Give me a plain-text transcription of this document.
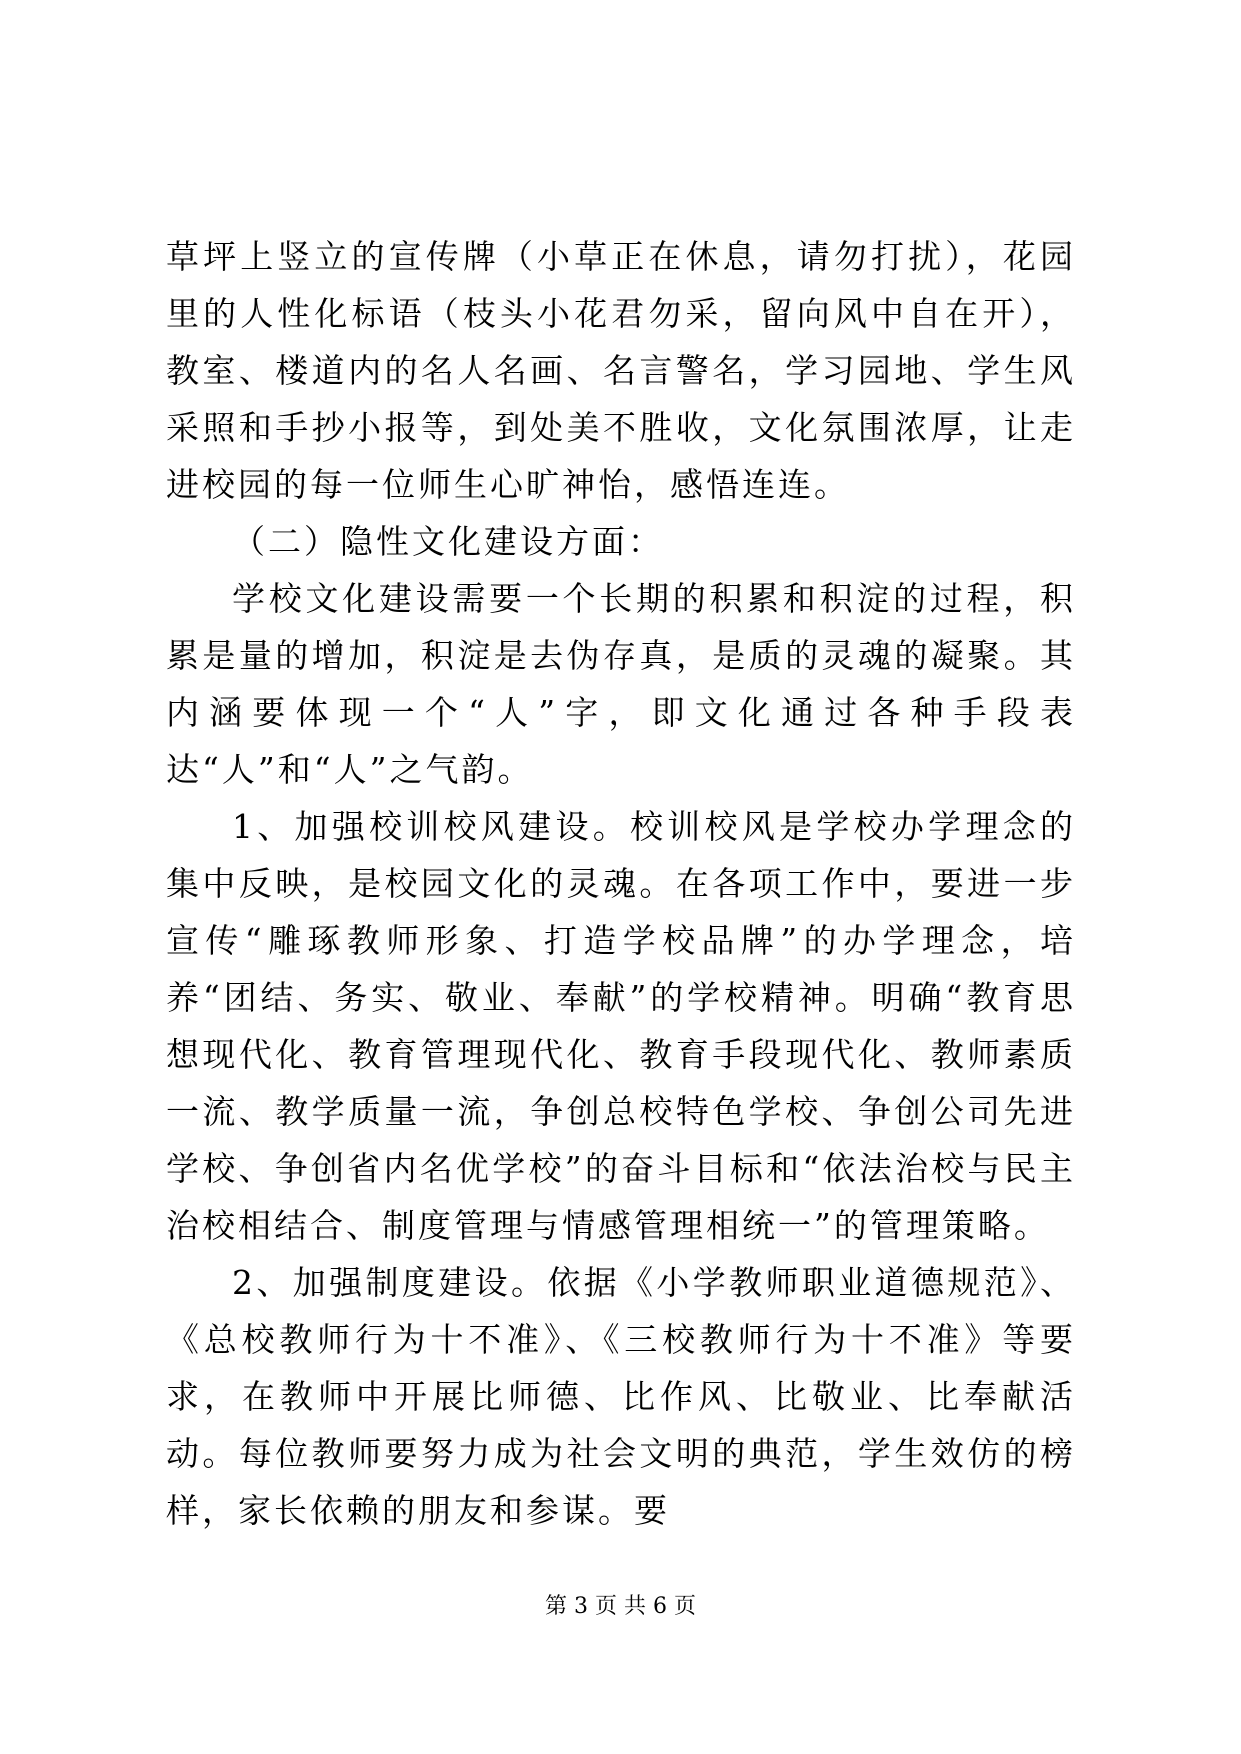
草坪上竖立的宣传牌（小草正在休息，请勿打扰），花园里的人性化标语（枝头小花君勿采，留向风中自在开），教室、楼道内的名人名画、名言警名，学习园地、学生风采照和手抄小报等，到处美不胜收，文化氛围浓厚，让走进校园的每一位师生心旷神怡，感悟连连。

（二）隐性文化建设方面：

学校文化建设需要一个长期的积累和积淀的过程，积累是量的增加，积淀是去伪存真，是质的灵魂的凝聚。其内涵要体现一个“人”字，即文化通过各种手段表达“人”和“人”之气韵。

1、加强校训校风建设。校训校风是学校办学理念的集中反映，是校园文化的灵魂。在各项工作中，要进一步宣传“雕琢教师形象、打造学校品牌”的办学理念，培养“团结、务实、敬业、奉献”的学校精神。明确“教育思想现代化、教育管理现代化、教育手段现代化、教师素质一流、教学质量一流，争创总校特色学校、争创公司先进学校、争创省内名优学校”的奋斗目标和“依法治校与民主治校相结合、制度管理与情感管理相统一”的管理策略。

2、加强制度建设。依据《小学教师职业道德规范》、《总校教师行为十不准》、《三校教师行为十不准》等要求，在教师中开展比师德、比作风、比敬业、比奉献活动。每位教师要努力成为社会文明的典范，学生效仿的榜样，家长依赖的朋友和参谋。要

第 3 页 共 6 页
